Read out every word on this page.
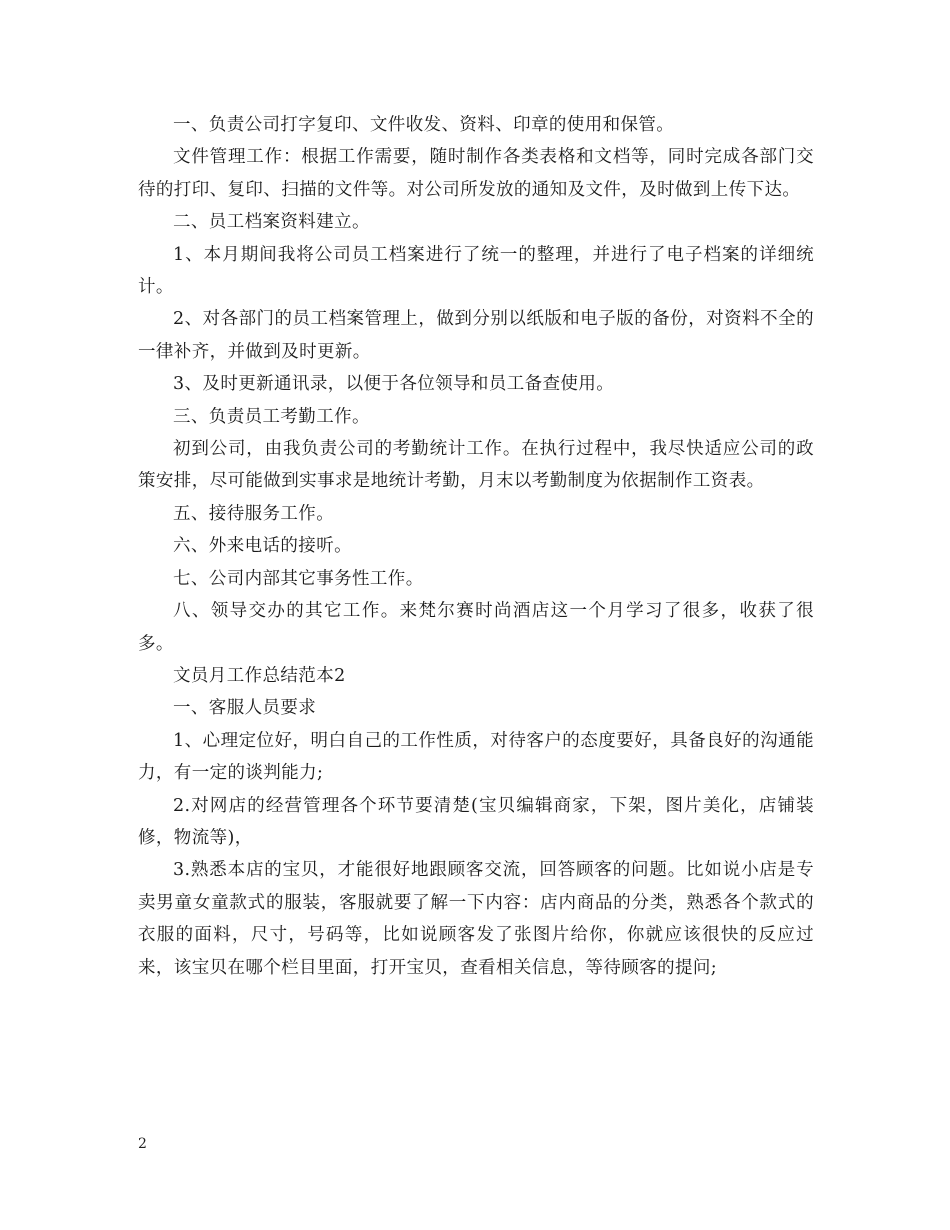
一、负责公司打字复印、文件收发、资料、印章的使用和保管。

文件管理工作：根据工作需要，随时制作各类表格和文档等，同时完成各部门交待的打印、复印、扫描的文件等。对公司所发放的通知及文件，及时做到上传下达。

二、员工档案资料建立。

1、本月期间我将公司员工档案进行了统一的整理，并进行了电子档案的详细统计。

2、对各部门的员工档案管理上，做到分别以纸版和电子版的备份，对资料不全的一律补齐，并做到及时更新。

3、及时更新通讯录，以便于各位领导和员工备查使用。

三、负责员工考勤工作。

初到公司，由我负责公司的考勤统计工作。在执行过程中，我尽快适应公司的政策安排，尽可能做到实事求是地统计考勤，月末以考勤制度为依据制作工资表。

五、接待服务工作。

六、外来电话的接听。

七、公司内部其它事务性工作。

八、领导交办的其它工作。来梵尔赛时尚酒店这一个月学习了很多，收获了很多。

文员月工作总结范本2

一、客服人员要求

1、心理定位好，明白自己的工作性质，对待客户的态度要好，具备良好的沟通能力，有一定的谈判能力;

2.对网店的经营管理各个环节要清楚(宝贝编辑商家，下架，图片美化，店铺装修，物流等)，

3.熟悉本店的宝贝，才能很好地跟顾客交流，回答顾客的问题。比如说小店是专卖男童女童款式的服装，客服就要了解一下内容：店内商品的分类，熟悉各个款式的衣服的面料，尺寸，号码等，比如说顾客发了张图片给你，你就应该很快的反应过来，该宝贝在哪个栏目里面，打开宝贝，查看相关信息，等待顾客的提问;

2
